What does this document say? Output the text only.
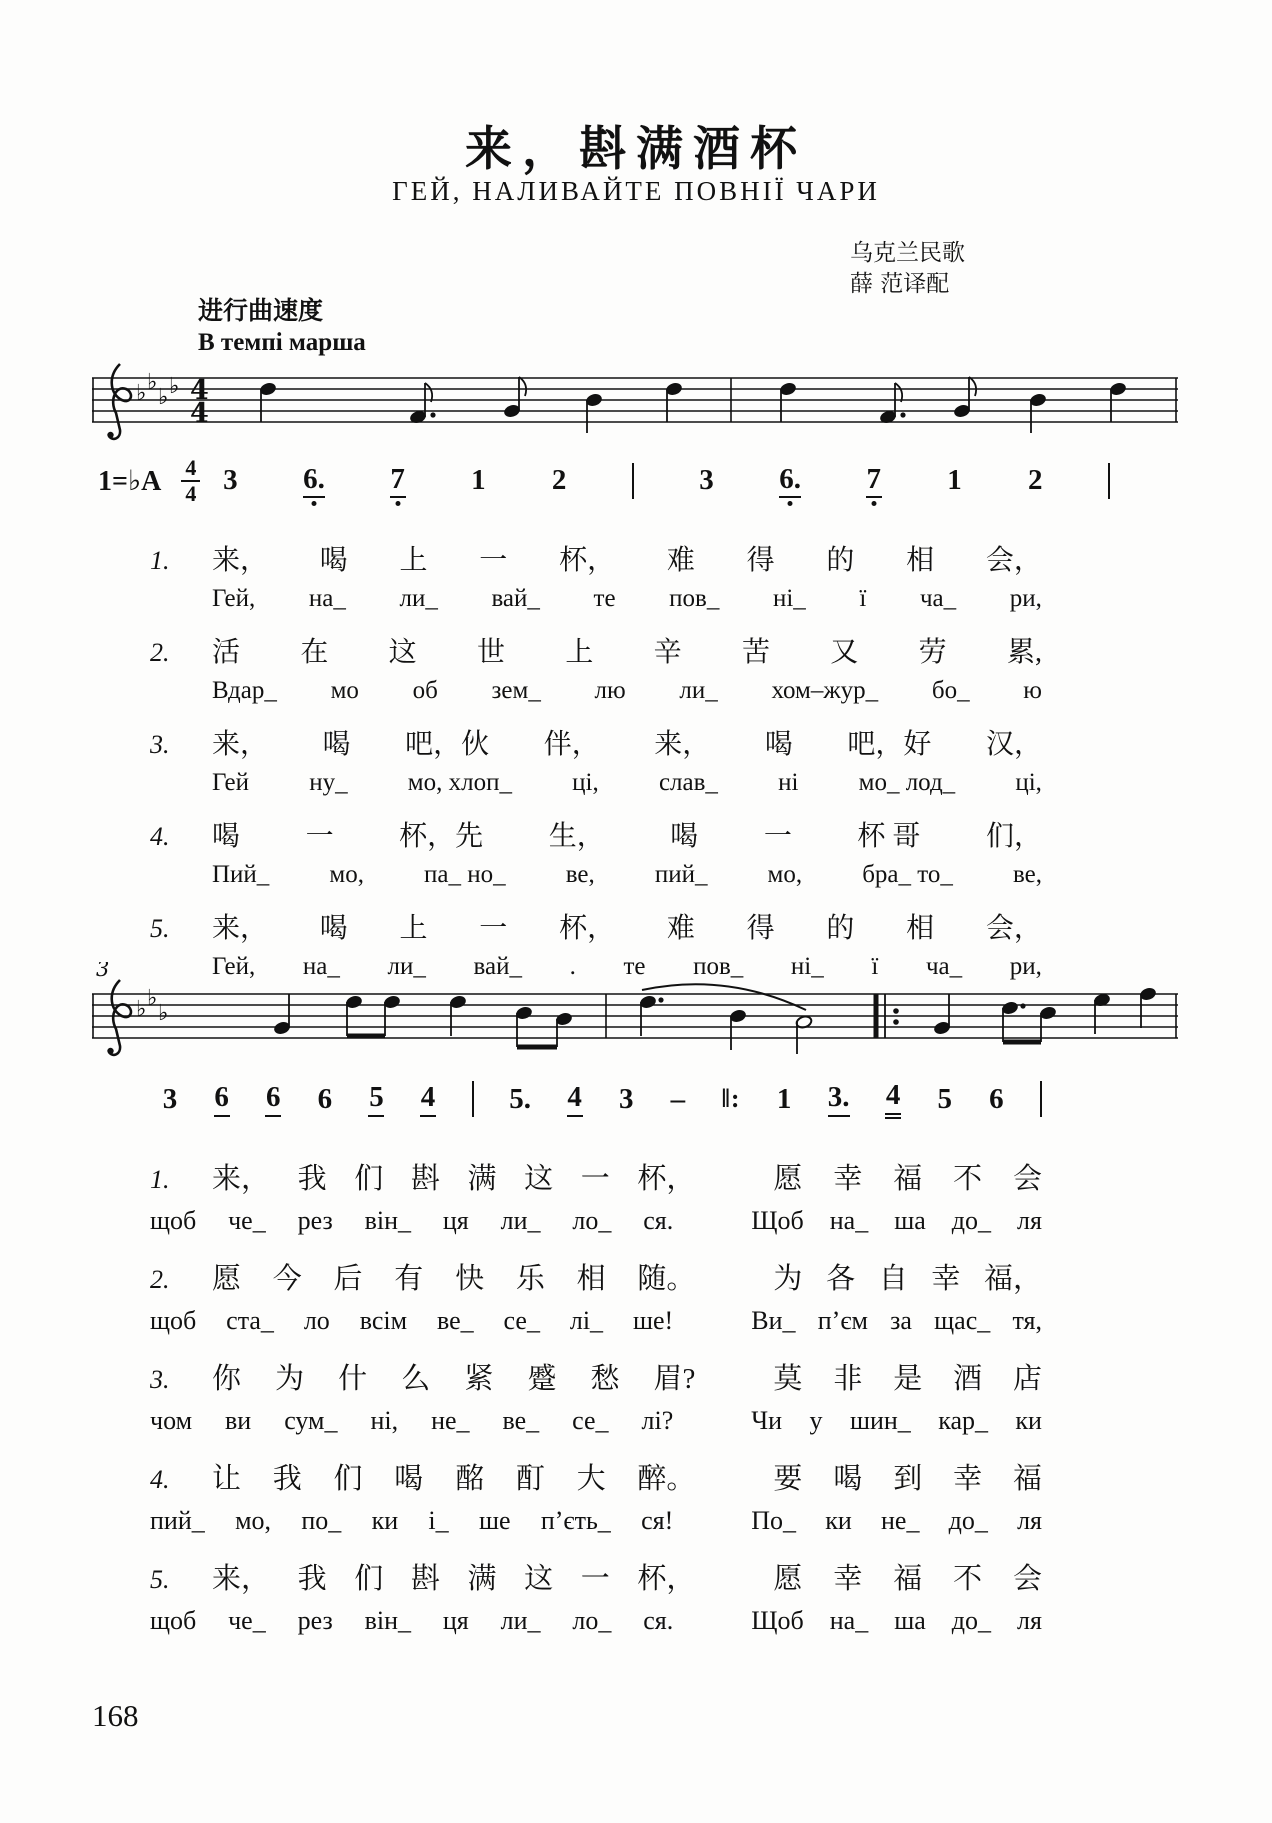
来，斟满酒杯
ГЕЙ, НАЛИВАЙТЕ ПОВНІЇ ЧАРИ
乌克兰民歌
薛 范译配
进行曲速度
В темпі марша
♭ ♭
♭ ♭ 4
4
1=♭A 4
4 3 6. 7 1 2	3 6. 7 1 2
1.	来， 喝 上 一 杯， 难 得 的 相 会，
Гей, на_ ли_ вай_ те пов_ ні_ ї ча_ ри,
2.	活 在 这 世 上 辛 苦 又 劳 累,
Вдар_ мо об зем_ лю ли_ хом–жур_ бо_ ю
3.	来， 喝 吧，伙 伴， 来， 喝 吧，好 汉，
Гей ну_ мо, хлоп_ ці, слав_ ні мо_ лод_ ці,
4.	喝 一 杯，先 生， 喝 一 杯 哥 们，
Пий_ мо, па_ но_ ве, пий_ мо, бра_ то_ ве,
5.	来， 喝 上 一 杯， 难 得 的 相 会，
Гей, на_ ли_ вай_ . те пов_ ні_ ї ча_ ри,
3
♭ ♭
♭
3 6 6 6 5 4	5. 4 3 – ‖: 1 3. 4 5 6
1.	来， 我 们 斟 满 这 一 杯，	愿 幸 福 不 会
щоб че_ рез він_ ця ли_ ло_ ся.	Щоб на_ ша до_ ля
2.	愿 今 后 有 快 乐 相 随。	为 各 自 幸 福，
щоб ста_ ло всім ве_ се_ лі_ ше!	Ви_ п’єм за щас_ тя,
3.	你 为 什 么 紧 蹙 愁 眉?	莫 非 是 酒 店
чом ви сум_ ні, не_ ве_ се_ лі?	Чи у шин_ кар_ ки
4.	让 我 们 喝 酩 酊 大 醉。	要 喝 到 幸 福
пий_ мо, по_ ки і_ ше п’єть_ ся!	По_ ки не_ до_ ля
5.	来， 我 们 斟 满 这 一 杯，	愿 幸 福 不 会
щоб че_ рез він_ ця ли_ ло_ ся.	Щоб на_ ша до_ ля
168
